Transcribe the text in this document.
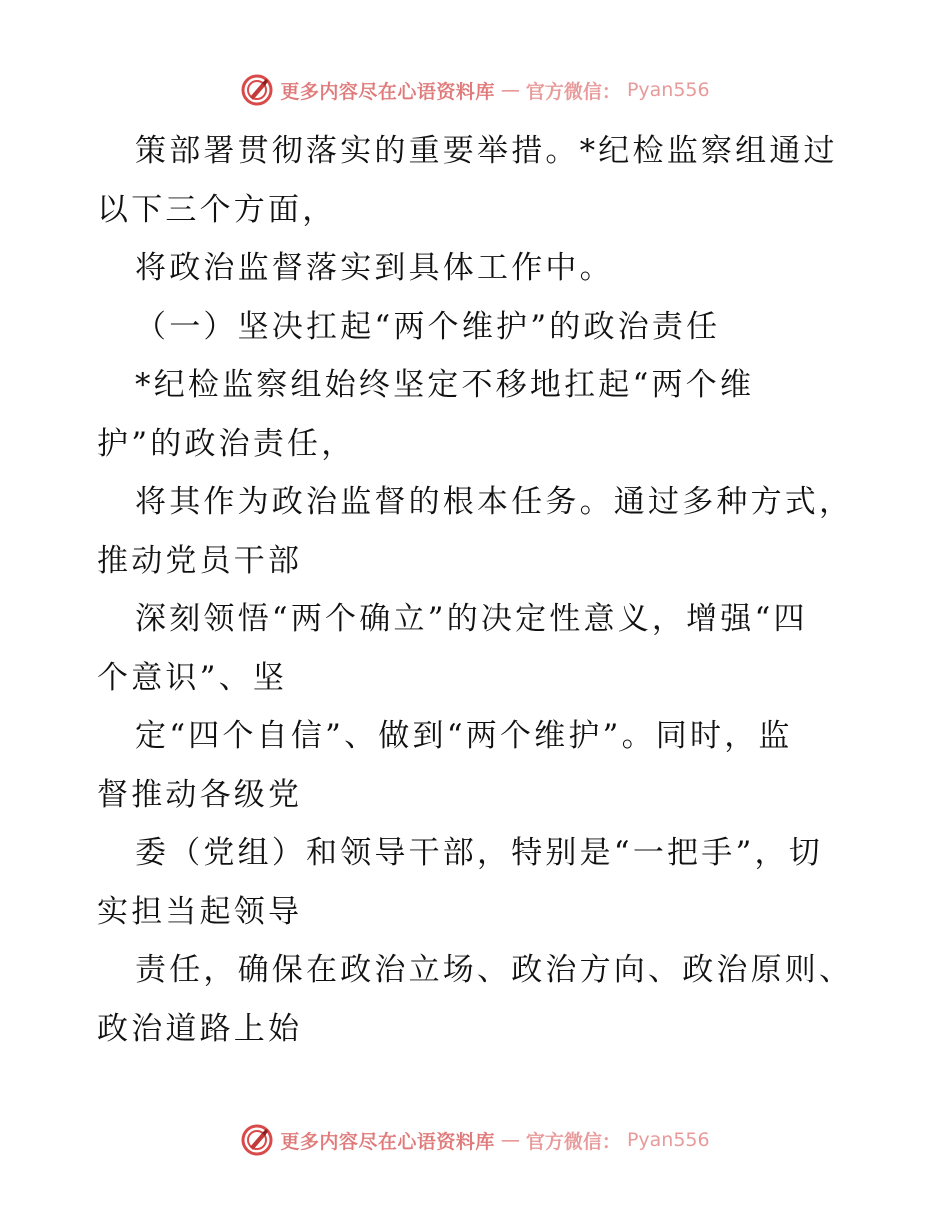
更多内容尽在心语资料库 — 官方微信： Pyan556
策部署贯彻落实的重要举措。*纪检监察组通过
以下三个方面，
将政治监督落实到具体工作中。
（一）坚决扛起“两个维护”的政治责任
*纪检监察组始终坚定不移地扛起“两个维
护”的政治责任，
将其作为政治监督的根本任务。通过多种方式，
推动党员干部
深刻领悟“两个确立”的决定性意义，增强“四
个意识”、坚
定“四个自信”、做到“两个维护”。同时，监
督推动各级党
委（党组）和领导干部，特别是“一把手”，切
实担当起领导
责任，确保在政治立场、政治方向、政治原则、
政治道路上始
更多内容尽在心语资料库 — 官方微信： Pyan556
